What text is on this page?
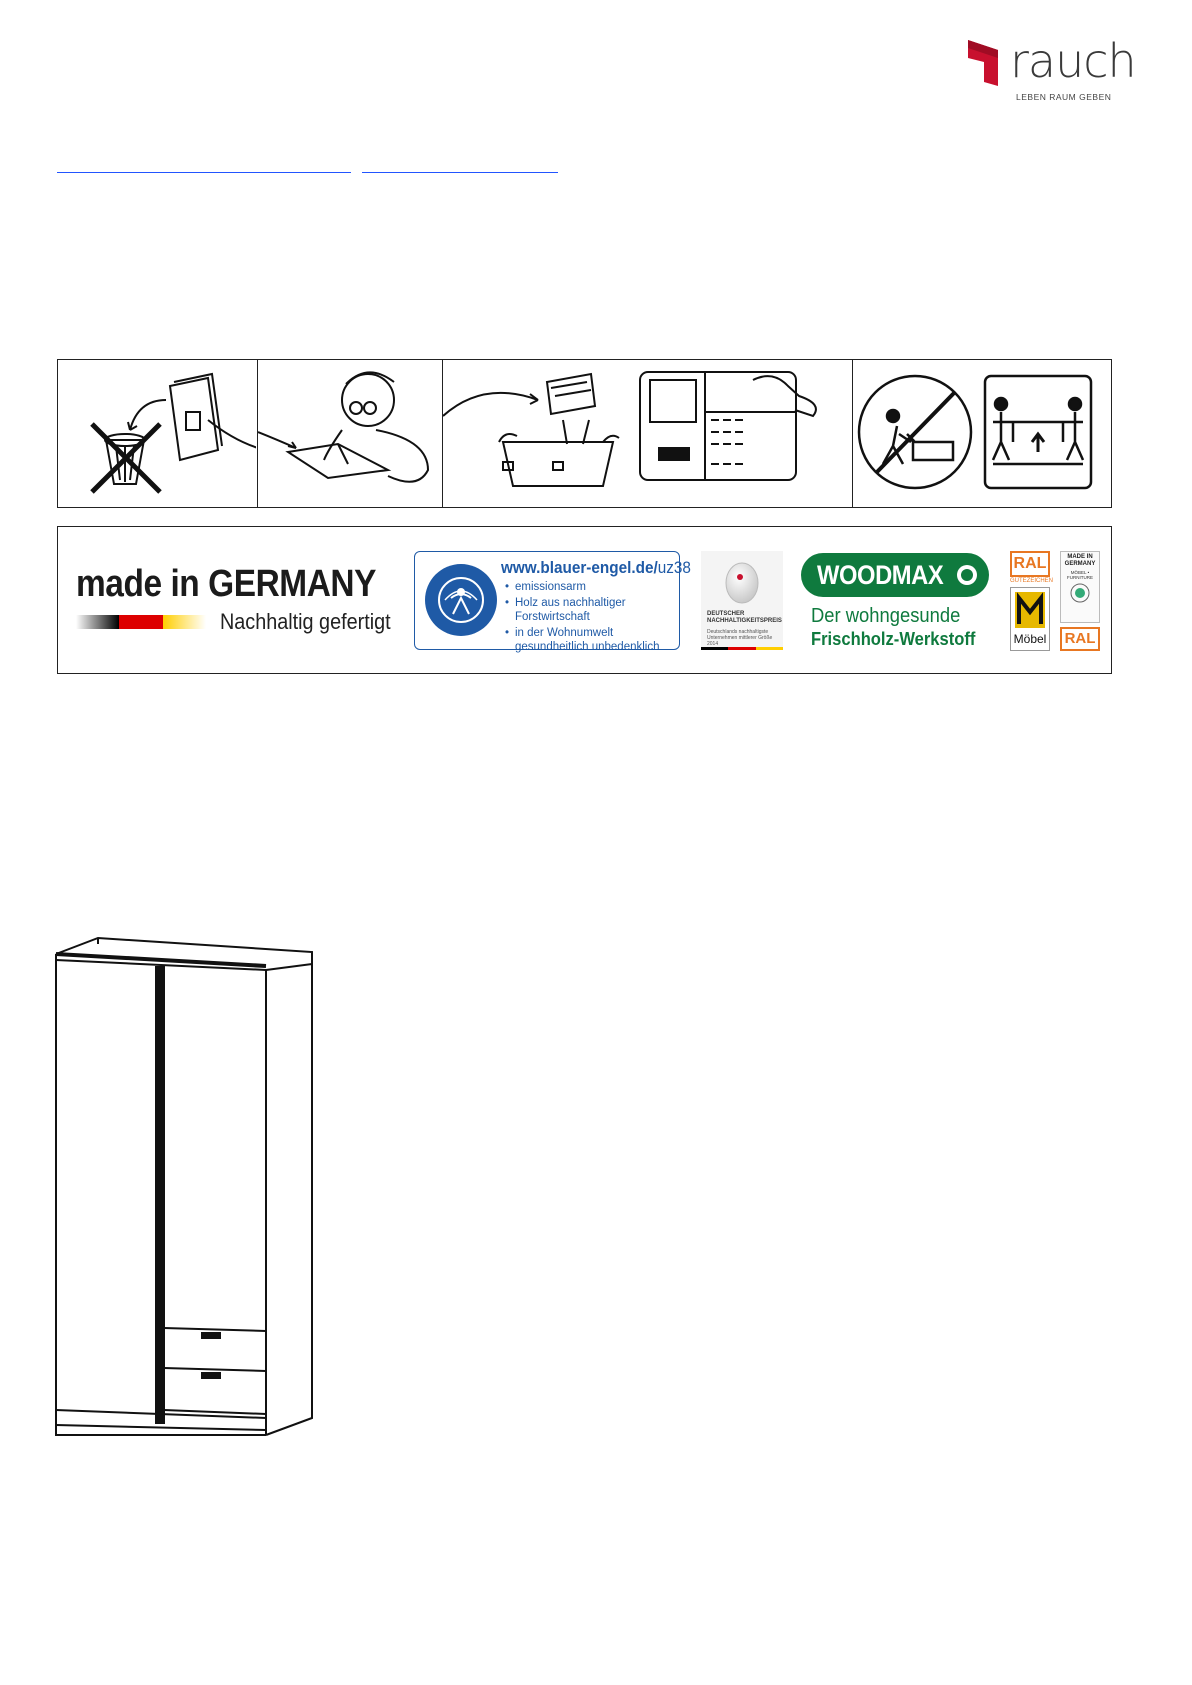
rauch
LEBEN RAUM GEBEN
made in GERMANY
Nachhaltig gefertigt
www.blauer-engel.de/uz38
• emissionsarm
• Holz aus nachhaltiger Forstwirtschaft
• in der Wohnumwelt gesundheitlich unbedenklich
DEUTSCHER NACHHALTIGKEITSPREIS
Deutschlands nachhaltigste Unternehmen mittlerer Größe 2014
WOODMAX
Der wohngesunde
Frischholz-Werkstoff
RAL
GÜTEZEICHEN
Möbel
MADE IN GERMANY
MÖBEL • FURNITURE
RAL
